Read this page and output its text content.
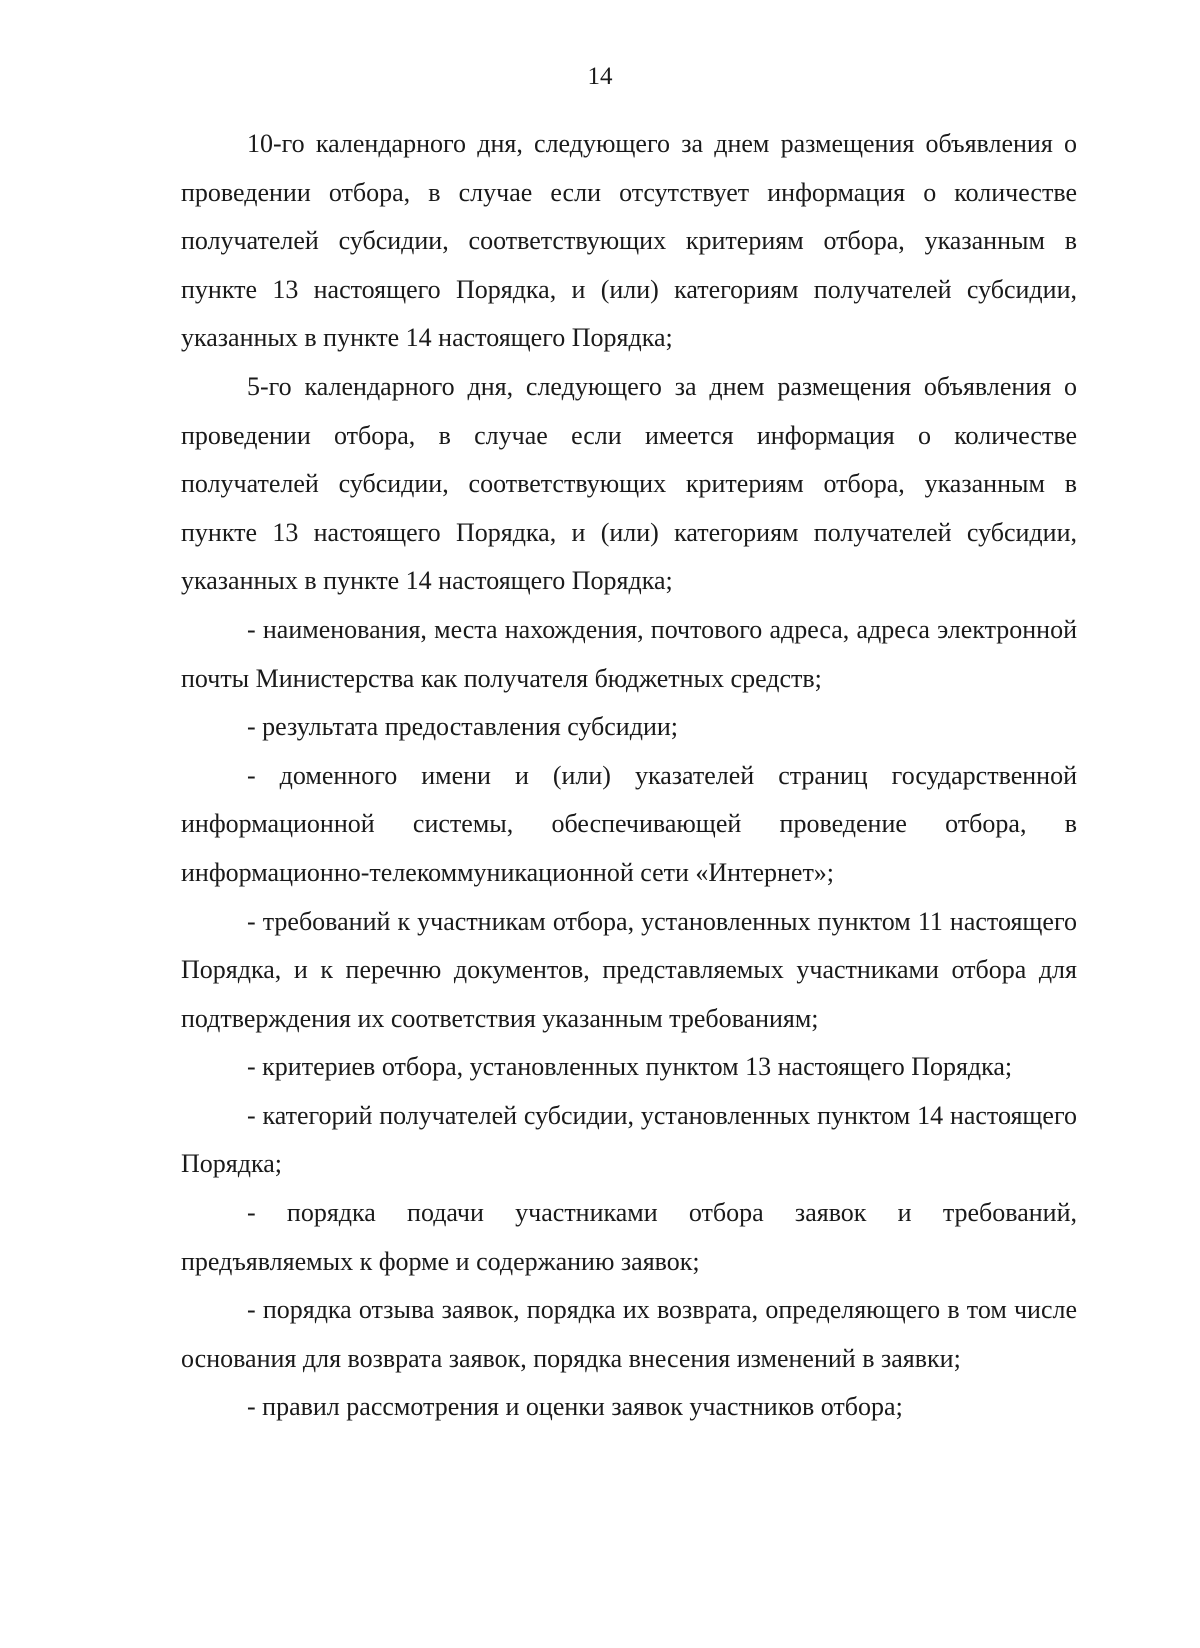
14

10-го календарного дня, следующего за днем размещения объявления о проведении отбора, в случае если отсутствует информация о количестве получателей субсидии, соответствующих критериям отбора, указанным в пункте 13 настоящего Порядка, и (или) категориям получателей субсидии, указанных в пункте 14 настоящего Порядка;

5-го календарного дня, следующего за днем размещения объявления о проведении отбора, в случае если имеется информация о количестве получателей субсидии, соответствующих критериям отбора, указанным в пункте 13 настоящего Порядка, и (или) категориям получателей субсидии, указанных в пункте 14 настоящего Порядка;

- наименования, места нахождения, почтового адреса, адреса электронной почты Министерства как получателя бюджетных средств;

- результата предоставления субсидии;

- доменного имени и (или) указателей страниц государственной информационной системы, обеспечивающей проведение отбора, в информационно-телекоммуникационной сети «Интернет»;

- требований к участникам отбора, установленных пунктом 11 настоящего Порядка, и к перечню документов, представляемых участниками отбора для подтверждения их соответствия указанным требованиям;

- критериев отбора, установленных пунктом 13 настоящего Порядка;

- категорий получателей субсидии, установленных пунктом 14 настоящего Порядка;

- порядка подачи участниками отбора заявок и требований, предъявляемых к форме и содержанию заявок;

- порядка отзыва заявок, порядка их возврата, определяющего в том числе основания для возврата заявок, порядка внесения изменений в заявки;

- правил рассмотрения и оценки заявок участников отбора;
